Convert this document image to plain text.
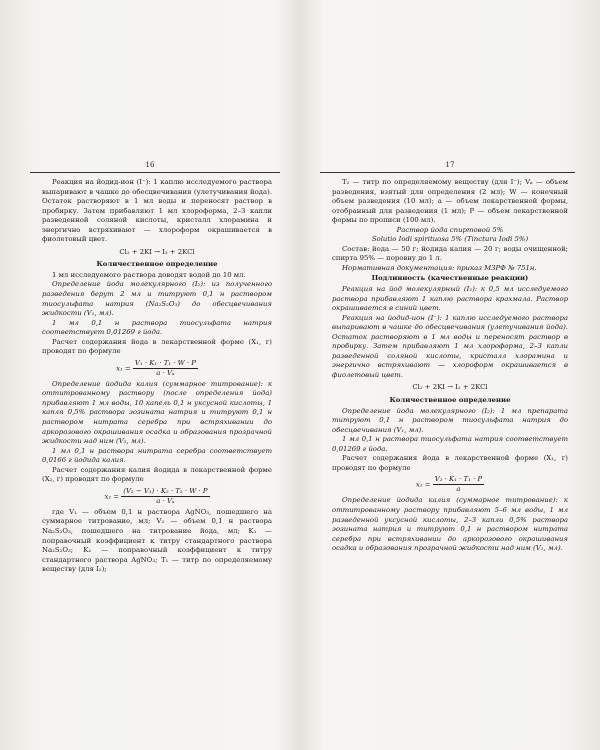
16

Реакция на йодид-ион (I⁻): 1 каплю исследуемого раствора выпаривают в чашке до обесцвечивания (улетучивания йода). Остаток растворяют в 1 мл воды и переносят раствор в пробирку. Затем прибавляют 1 мл хлороформа, 2–3 капли разведенной соляной кислоты, кристалл хлорамина и энергично встряхивают — хлороформ окрашивается в фиолетовый цвет.

Cl₂ + 2KI → I₂ + 2KCl

Количественное определение

1 мл исследуемого раствора доводят водой до 10 мл.

Определение йода молекулярного (I₂): из полученного разведения берут 2 мл и титруют 0,1 н раствором тиосульфата натрия (Na₂S₂O₃) до обесцвечивания жидкости (V₁, мл).

1 мл 0,1 н раствора тиосульфата натрия соответствует 0,01269 г йода.

Расчет содержания йода в лекарственной форме (X₁, г) проводят по формуле

$x_1 = \frac{\text{V₁ · K₁ · T₁ · W · P}}{\text{a · Vₐ}}$

Определение йодида калия (суммарное титрование): к оттитрованному раствору (после определения йода) прибавляют 1 мл воды, 10 капель 0,1 н уксусной кислоты, 1 капля 0,5% раствора эозината натрия и титруют 0,1 н раствором нитрата серебра при встряхивании до аркорозового окрашивания осадка и образования прозрачной жидкости над ним (V₂, мл).

1 мл 0,1 н раствора нитрата серебра соответствует 0,0166 г йодида калия.

Расчет содержания калия йодида в лекарственной форме (X₂, г) проводят по формуле

$x_2 = \frac{\text{(V₂ − V₁) · K₂ · T₂ · W · P}}{\text{a · Vₐ}}$

где V₁ — объем 0,1 н раствора AgNO₃, пошедшего на суммарное титрование, мл; V₂ — объем 0,1 н раствора Na₂S₂O₃, пошедшего на титрование йода, мл; K₁ — поправочный коэффициент к титру стандартного раствора Na₂S₂O₃; K₂ — поправочный коэффициент к титру стандартного раствора AgNO₃; T₁ — титр по определяемому веществу (для I₂);

17

T₂ — титр по определяемому веществу (для I⁻); Vₐ — объем разведения, взятый для определения (2 мл); W — конечный объем разведения (10 мл); a — объем лекарственной формы, отобранный для разведения (1 мл); P — объем лекарственной формы по прописи (100 мл).

Раствор йода спиртовой 5%

Solutio Iodi spirituosa 5% (Tinctura Iodi 5%)

Состав: йода — 50 г; йодида калия — 20 г; воды очищенной; спирта 95% — поровну до 1 л.

Нормативная документация: приказ МЗРФ № 751н.

Подлинность (качественные реакции)

Реакция на йод молекулярный (I₂): к 0,5 мл исследуемого раствора прибавляют 1 каплю раствора крахмала. Раствор окрашивается в синий цвет.

Реакция на йодид-ион (I⁻): 1 каплю исследуемого раствора выпаривают в чашке до обесцвечивания (улетучивания йода). Остаток растворяют в 1 мл воды и переносят раствор в пробирку. Затем прибавляют 1 мл хлороформа, 2–3 капли разведенной соляной кислоты, кристалл хлорамина и энергично встряхивают — хлороформ окрашивается в фиолетовый цвет.

Cl₂ + 2KI → I₂ + 2KCl

Количественное определение

Определение йода молекулярного (I₂): 1 мл препарата титруют 0,1 н раствором тиосульфата натрия до обесцвечивания (V₁, мл).

1 мл 0,1 н раствора тиосульфата натрия соответствует 0,01269 г йода.

Расчет содержания йода в лекарственной форме (X₁, г) проводят по формуле

$x_1 = \frac{\text{V₁ · K₁ · T₁ · P}}{a}$

Определение йодида калия (суммарное титрование): к оттитрованному раствору прибавляют 5–6 мл воды, 1 мл разведенной уксусной кислоты, 2–3 капли 0,5% раствора эозината натрия и титруют 0,1 н раствором нитрата серебра при встряхивании до аркорозового окрашивания осадка и образования прозрачной жидкости над ним (V₁, мл).
